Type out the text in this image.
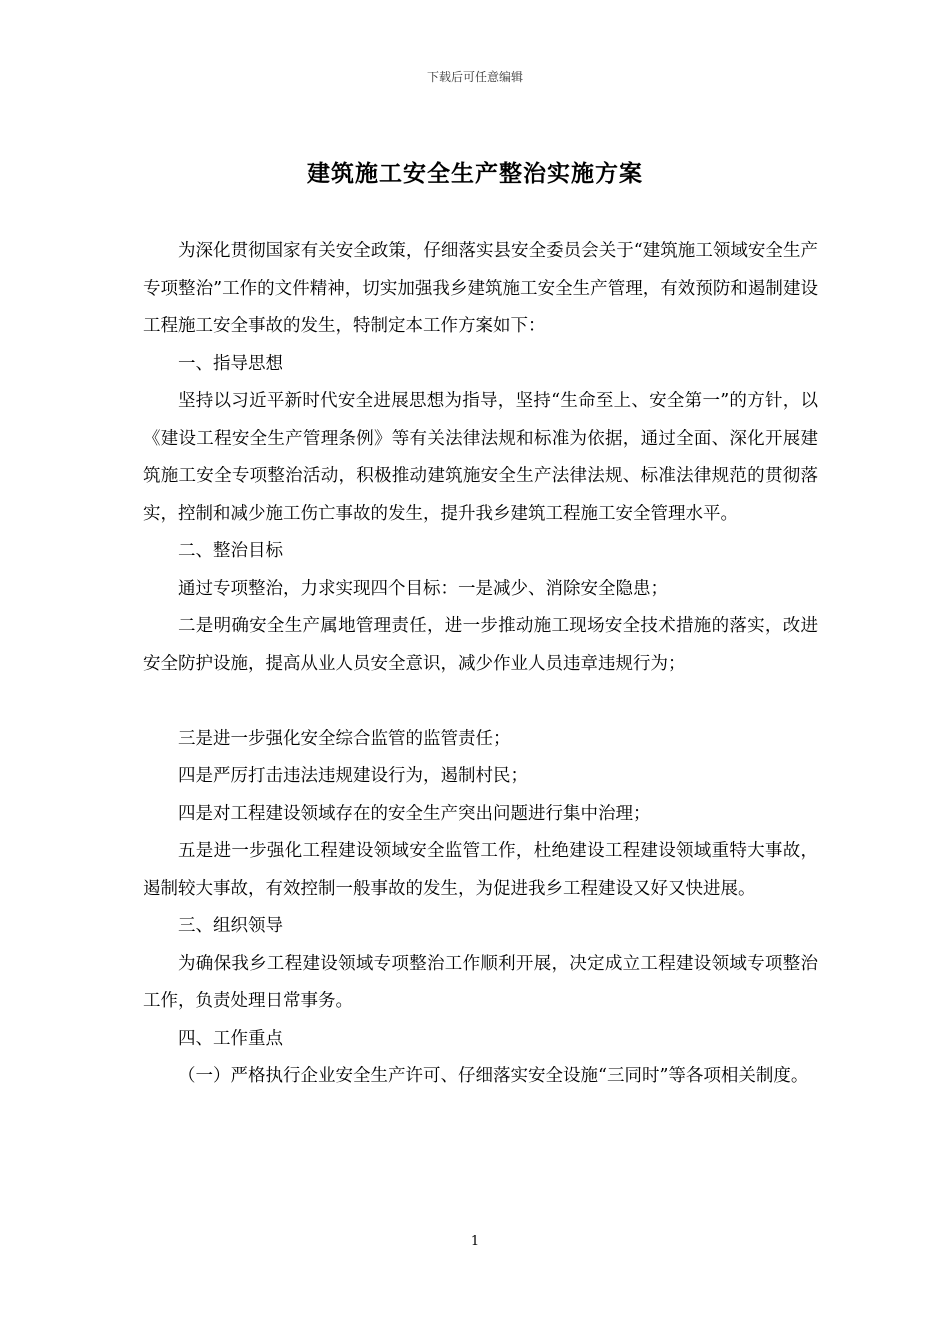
下载后可任意编辑
建筑施工安全生产整治实施方案

为深化贯彻国家有关安全政策，仔细落实县安全委员会关于“建筑施工领域安全生产专项整治”工作的文件精神，切实加强我乡建筑施工安全生产管理，有效预防和遏制建设工程施工安全事故的发生，特制定本工作方案如下：

一、指导思想

坚持以习近平新时代安全进展思想为指导，坚持“生命至上、安全第一”的方针，以《建设工程安全生产管理条例》等有关法律法规和标准为依据，通过全面、深化开展建筑施工安全专项整治活动，积极推动建筑施安全生产法律法规、标准法律规范的贯彻落实，控制和减少施工伤亡事故的发生，提升我乡建筑工程施工安全管理水平。

二、整治目标

通过专项整治，力求实现四个目标：一是减少、消除安全隐患；

二是明确安全生产属地管理责任，进一步推动施工现场安全技术措施的落实，改进安全防护设施，提高从业人员安全意识，减少作业人员违章违规行为；

三是进一步强化安全综合监管的监管责任；

四是严厉打击违法违规建设行为，遏制村民；

四是对工程建设领域存在的安全生产突出问题进行集中治理；

五是进一步强化工程建设领域安全监管工作，杜绝建设工程建设领域重特大事故，遏制较大事故，有效控制一般事故的发生，为促进我乡工程建设又好又快进展。

三、组织领导

为确保我乡工程建设领域专项整治工作顺利开展，决定成立工程建设领域专项整治工作，负责处理日常事务。

四、工作重点

（一）严格执行企业安全生产许可、仔细落实安全设施“三同时”等各项相关制度。

1
